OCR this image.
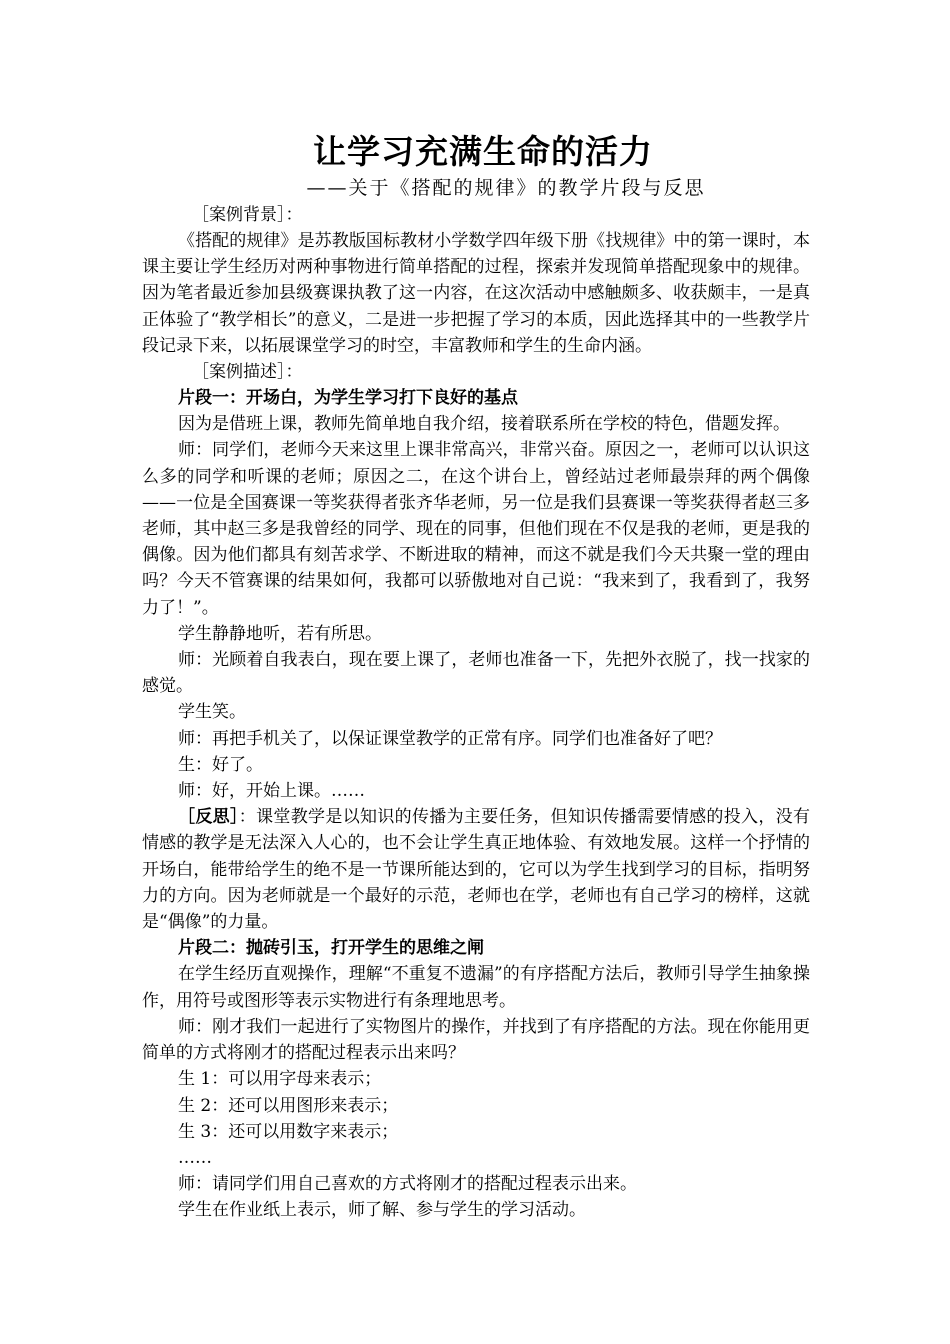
让学习充满生命的活力
——关于《搭配的规律》的教学片段与反思
［案例背景］：

《搭配的规律》是苏教版国标教材小学数学四年级下册《找规律》中的第一课时，本课主要让学生经历对两种事物进行简单搭配的过程，探索并发现简单搭配现象中的规律。因为笔者最近参加县级赛课执教了这一内容，在这次活动中感触颇多、收获颇丰，一是真正体验了“教学相长”的意义，二是进一步把握了学习的本质，因此选择其中的一些教学片段记录下来，以拓展课堂学习的时空，丰富教师和学生的生命内涵。

［案例描述］：

片段一：开场白，为学生学习打下良好的基点

因为是借班上课，教师先简单地自我介绍，接着联系所在学校的特色，借题发挥。

师：同学们，老师今天来这里上课非常高兴，非常兴奋。原因之一，老师可以认识这么多的同学和听课的老师；原因之二，在这个讲台上，曾经站过老师最崇拜的两个偶像——一位是全国赛课一等奖获得者张齐华老师，另一位是我们县赛课一等奖获得者赵三多老师，其中赵三多是我曾经的同学、现在的同事，但他们现在不仅是我的老师，更是我的偶像。因为他们都具有刻苦求学、不断进取的精神，而这不就是我们今天共聚一堂的理由吗？今天不管赛课的结果如何，我都可以骄傲地对自己说：“我来到了，我看到了，我努力了！”。

学生静静地听，若有所思。

师：光顾着自我表白，现在要上课了，老师也准备一下，先把外衣脱了，找一找家的感觉。

学生笑。

师：再把手机关了，以保证课堂教学的正常有序。同学们也准备好了吧？

生：好了。

师：好，开始上课。……

［反思］：课堂教学是以知识的传播为主要任务，但知识传播需要情感的投入，没有情感的教学是无法深入人心的，也不会让学生真正地体验、有效地发展。这样一个抒情的开场白，能带给学生的绝不是一节课所能达到的，它可以为学生找到学习的目标，指明努力的方向。因为老师就是一个最好的示范，老师也在学，老师也有自己学习的榜样，这就是“偶像”的力量。

片段二：抛砖引玉，打开学生的思维之闸

在学生经历直观操作，理解“不重复不遗漏”的有序搭配方法后，教师引导学生抽象操作，用符号或图形等表示实物进行有条理地思考。

师：刚才我们一起进行了实物图片的操作，并找到了有序搭配的方法。现在你能用更简单的方式将刚才的搭配过程表示出来吗？

生 1：可以用字母来表示；

生 2：还可以用图形来表示；

生 3：还可以用数字来表示；

……

师：请同学们用自己喜欢的方式将刚才的搭配过程表示出来。

学生在作业纸上表示，师了解、参与学生的学习活动。
